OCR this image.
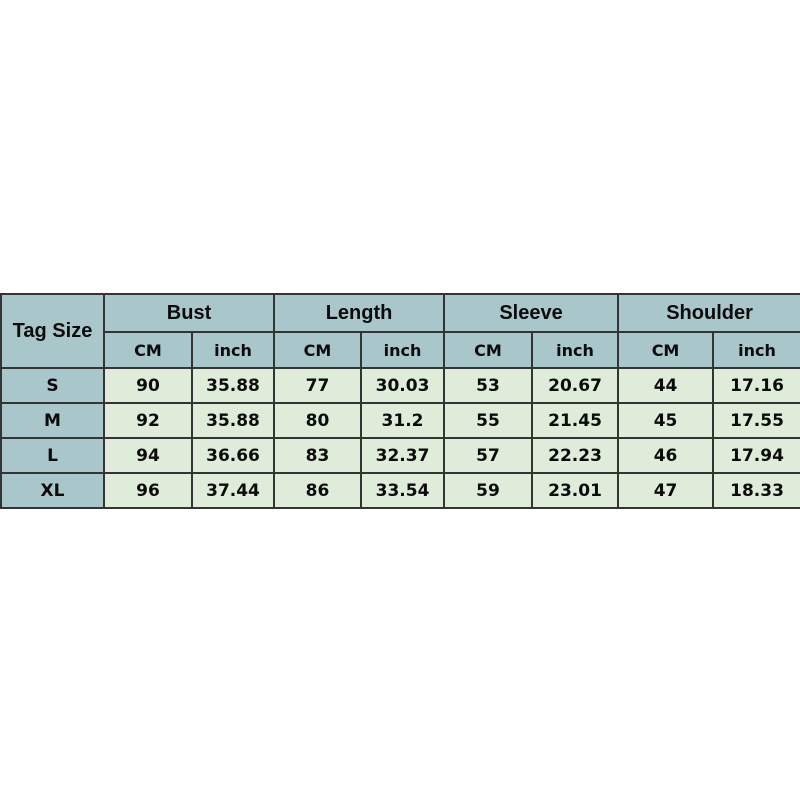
Tag Size	Bust		Length		Sleeve		Shoulder	
	CM	inch	CM	inch	CM	inch	CM	inch
S	90	35.88	77	30.03	53	20.67	44	17.16
M	92	35.88	80	31.2	55	21.45	45	17.55
L	94	36.66	83	32.37	57	22.23	46	17.94
XL	96	37.44	86	33.54	59	23.01	47	18.33
